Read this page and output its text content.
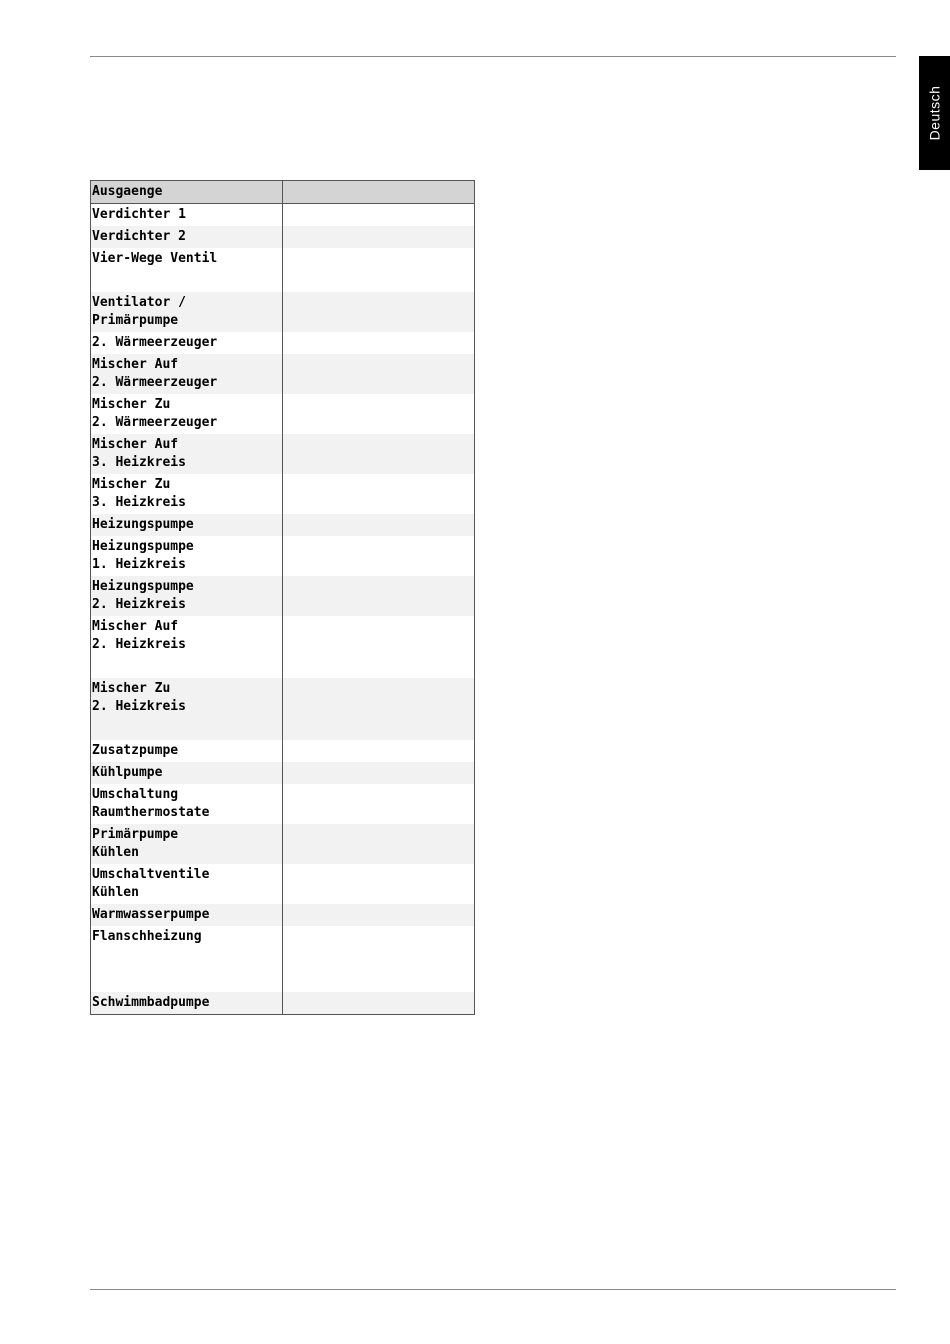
Deutsch
Ausgaenge
Verdichter 1
Verdichter 2
Vier-Wege Ventil
Ventilator /
Primärpumpe
2. Wärmeerzeuger
Mischer Auf
2. Wärmeerzeuger
Mischer Zu
2. Wärmeerzeuger
Mischer Auf
3. Heizkreis
Mischer Zu
3. Heizkreis
Heizungspumpe
Heizungspumpe
1. Heizkreis
Heizungspumpe
2. Heizkreis
Mischer Auf
2. Heizkreis
Mischer Zu
2. Heizkreis
Zusatzpumpe
Kühlpumpe
Umschaltung
Raumthermostate
Primärpumpe
Kühlen
Umschaltventile
Kühlen
Warmwasserpumpe
Flanschheizung
Schwimmbadpumpe
